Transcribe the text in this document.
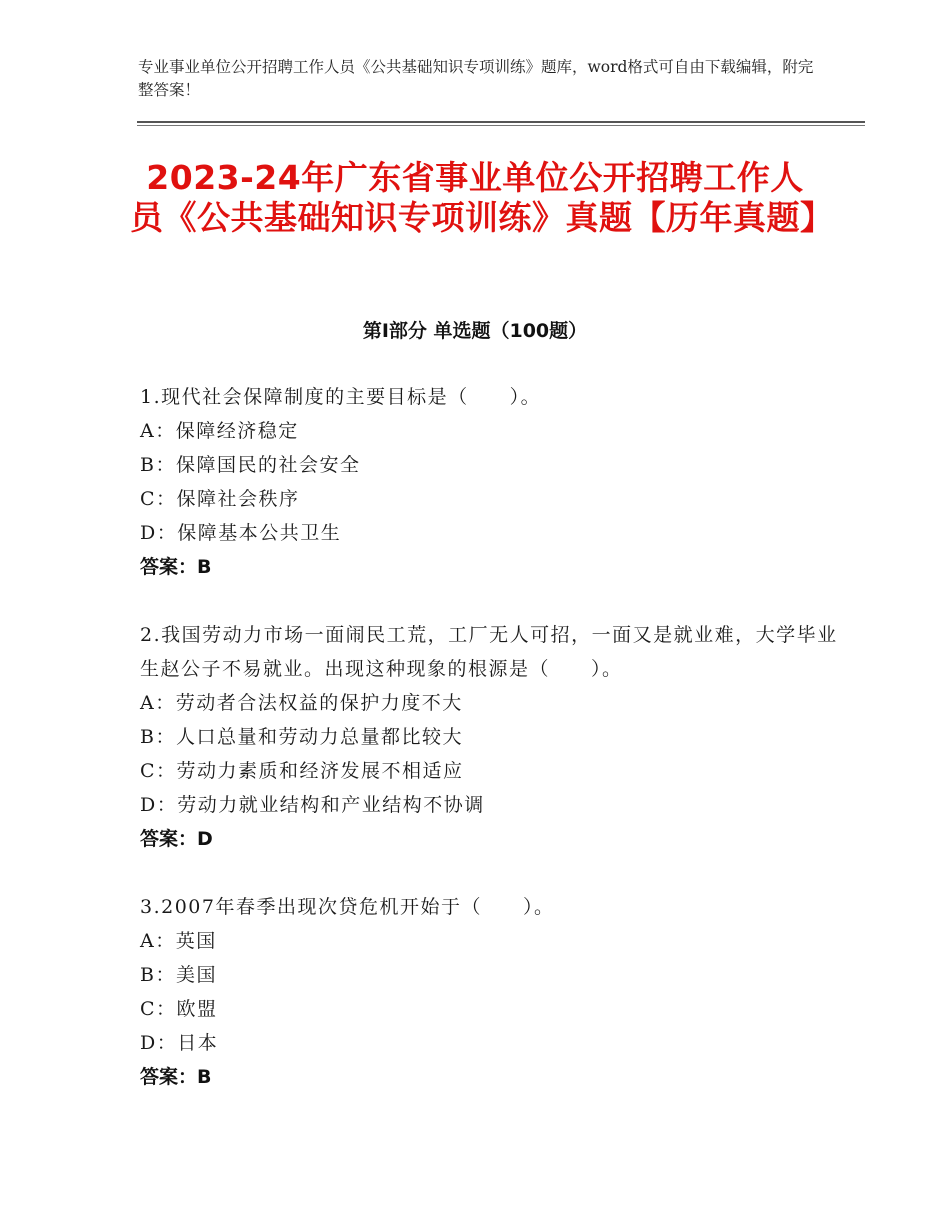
专业事业单位公开招聘工作人员《公共基础知识专项训练》题库，word格式可自由下载编辑，附完整答案！
2023-24年广东省事业单位公开招聘工作人员《公共基础知识专项训练》真题【历年真题】
第Ⅰ部分 单选题（100题）
1.现代社会保障制度的主要目标是（　　）。
A：保障经济稳定
B：保障国民的社会安全
C：保障社会秩序
D：保障基本公共卫生
答案：B
2.我国劳动力市场一面闹民工荒，工厂无人可招，一面又是就业难，大学毕业生赵公子不易就业。出现这种现象的根源是（　　）。
A：劳动者合法权益的保护力度不大
B：人口总量和劳动力总量都比较大
C：劳动力素质和经济发展不相适应
D：劳动力就业结构和产业结构不协调
答案：D
3.2007年春季出现次贷危机开始于（　　）。
A：英国
B：美国
C：欧盟
D：日本
答案：B
